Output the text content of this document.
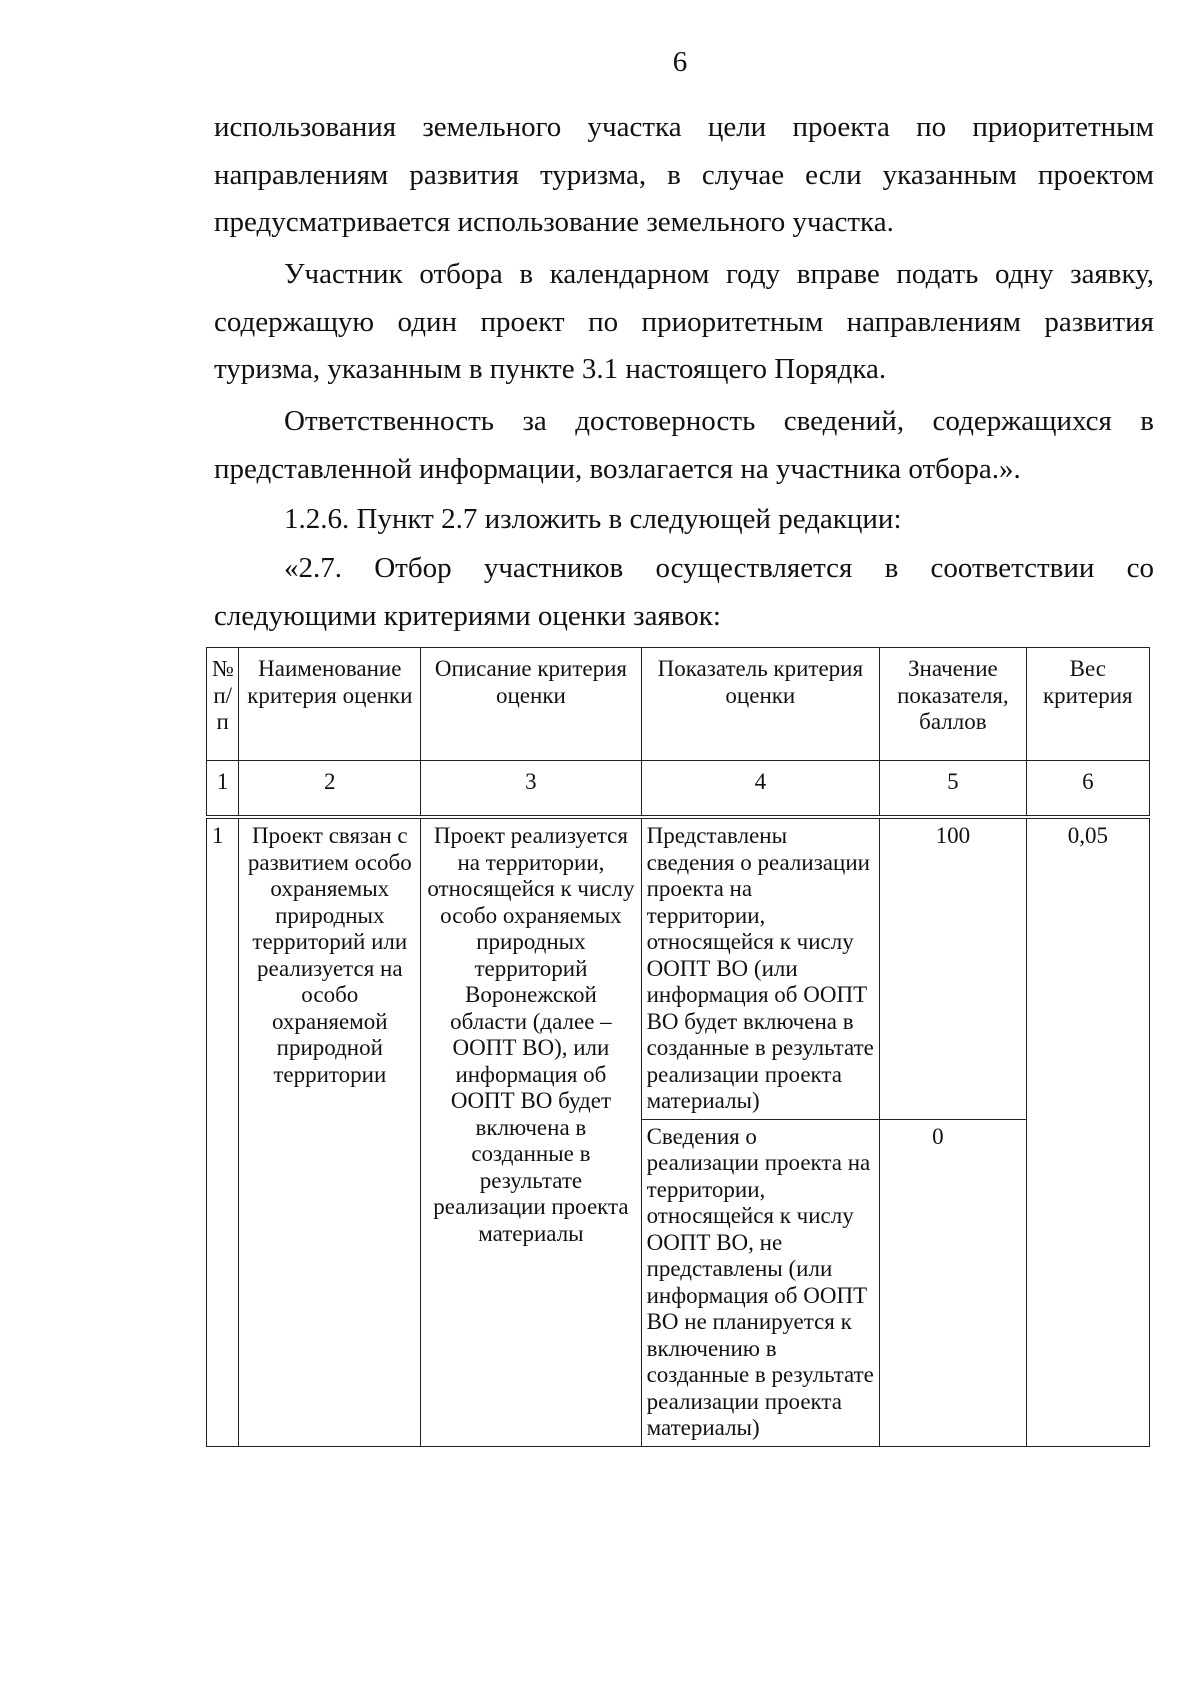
6

использования земельного участка цели проекта по приоритетным направлениям развития туризма, в случае если указанным проектом предусматривается использование земельного участка.

Участник отбора в календарном году вправе подать одну заявку, содержащую один проект по приоритетным направлениям развития туризма, указанным в пункте 3.1 настоящего Порядка.

Ответственность за достоверность сведений, содержащихся в представленной информации, возлагается на участника отбора.».

1.2.6. Пункт 2.7 изложить в следующей редакции:

«2.7. Отбор участников осуществляется в соответствии со следующими критериями оценки заявок:

№ п/п	Наименование критерия оценки	Описание критерия оценки	Показатель критерия оценки	Значение показателя, баллов	Вес критерия
1	2	3	4	5	6
1	Проект связан с развитием особо охраняемых природных территорий или реализуется на особо охраняемой природной территории	Проект реализуется на территории, относящейся к числу особо охраняемых природных территорий Воронежской области (далее – ООПТ ВО), или информация об ООПТ ВО будет включена в созданные в результате реализации проекта материалы	Представлены сведения о реализации проекта на территории, относящейся к числу ООПТ ВО (или информация об ООПТ ВО будет включена в созданные в результате реализации проекта материалы)	100	0,05
			Сведения о реализации проекта на территории, относящейся к числу ООПТ ВО, не представлены (или информация об ООПТ ВО не планируется к включению в созданные в результате реализации проекта материалы)	0	
